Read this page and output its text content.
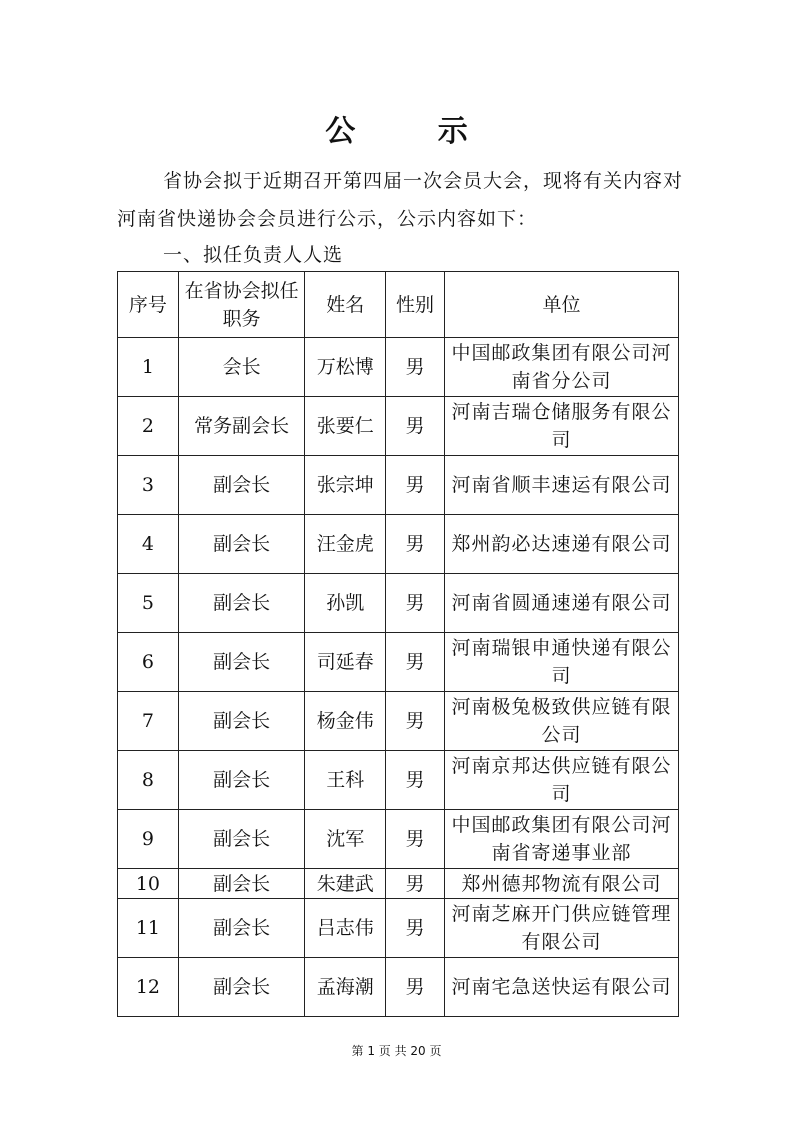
公 示
省协会拟于近期召开第四届一次会员大会，现将有关内容对河南省快递协会会员进行公示，公示内容如下：
一、拟任负责人人选
序号	在省协会拟任职务	姓名	性别	单位
1	会长	万松博	男	中国邮政集团有限公司河南省分公司
2	常务副会长	张要仁	男	河南吉瑞仓储服务有限公司
3	副会长	张宗坤	男	河南省顺丰速运有限公司
4	副会长	汪金虎	男	郑州韵必达速递有限公司
5	副会长	孙凯	男	河南省圆通速递有限公司
6	副会长	司延春	男	河南瑞银申通快递有限公司
7	副会长	杨金伟	男	河南极兔极致供应链有限公司
8	副会长	王科	男	河南京邦达供应链有限公司
9	副会长	沈军	男	中国邮政集团有限公司河南省寄递事业部
10	副会长	朱建武	男	郑州德邦物流有限公司
11	副会长	吕志伟	男	河南芝麻开门供应链管理有限公司
12	副会长	孟海潮	男	河南宅急送快运有限公司
第 1 页 共 20 页
